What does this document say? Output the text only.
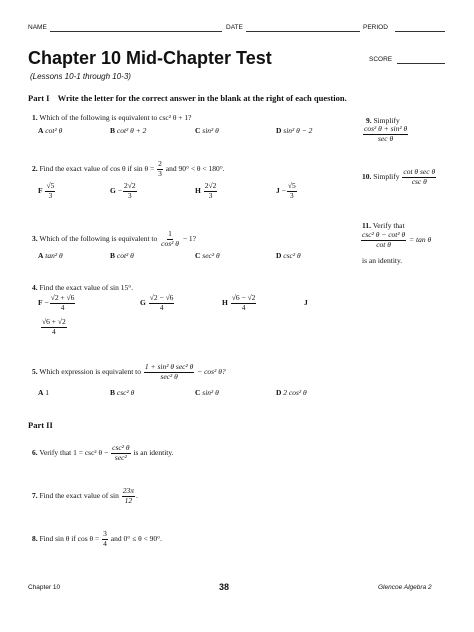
NAME	DATE	PERIOD
Chapter 10 Mid-Chapter Test	SCORE
(Lessons 10-1 through 10-3)
Part I Write the letter for the correct answer in the blank at the right of each question.
1. Which of the following is equivalent to csc² θ + 1?
A cot² θ	B cot² θ + 2	C sin² θ	D sin² θ − 2
9. Simplify
$\frac{\text{cos² θ + sin² θ}}{\text{sec θ}}$
2. Find the exact value of cos θ if $\sin \theta = \frac{2}{3}$ and 90° < θ < 180°.
F $\frac{√5}{3}$	$G - \frac{2√2}{3}$	H $\frac{2√2}{3}$	$J - \frac{√5}{3}$
10. Simplify $\frac{\text{cot θ sec θ}}{\text{csc θ}}$
3. Which of the following is equivalent to $\frac{1}{\text{cos² θ}} - 1$?
A tan² θ	B cot² θ	C sec² θ	D csc² θ
11. Verify that
$\frac{\text{csc² θ − cot² θ}}{\text{cot θ}} = \tan \theta$
is an identity.
4. Find the exact value of sin 15°.
$F - \frac{√2 + √6}{4}$	G $\frac{√2 - √6}{4}$	H $\frac{√6 - √2}{4}$	J
$\frac{√6 + √2}{4}$
5. Which expression is equivalent to $\frac{\text{1 + sin² θ sec² θ}}{\text{sec² θ}} - \cos^2$ θ?
A 1	B csc² θ	C sin² θ	D 2 cos² θ
Part II
6. Verify that 1 = csc² $\theta - \frac{\text{csc² θ}}{\text{sec²}}$ is an identity.
7. Find the exact value of $\sin \frac{23\pi}{12}$ .
8. Find sin θ if $\cos \theta = \frac{3}{4}$ and 0° ≤ θ < 90°.
Chapter 10	38	Glencoe Algebra 2
